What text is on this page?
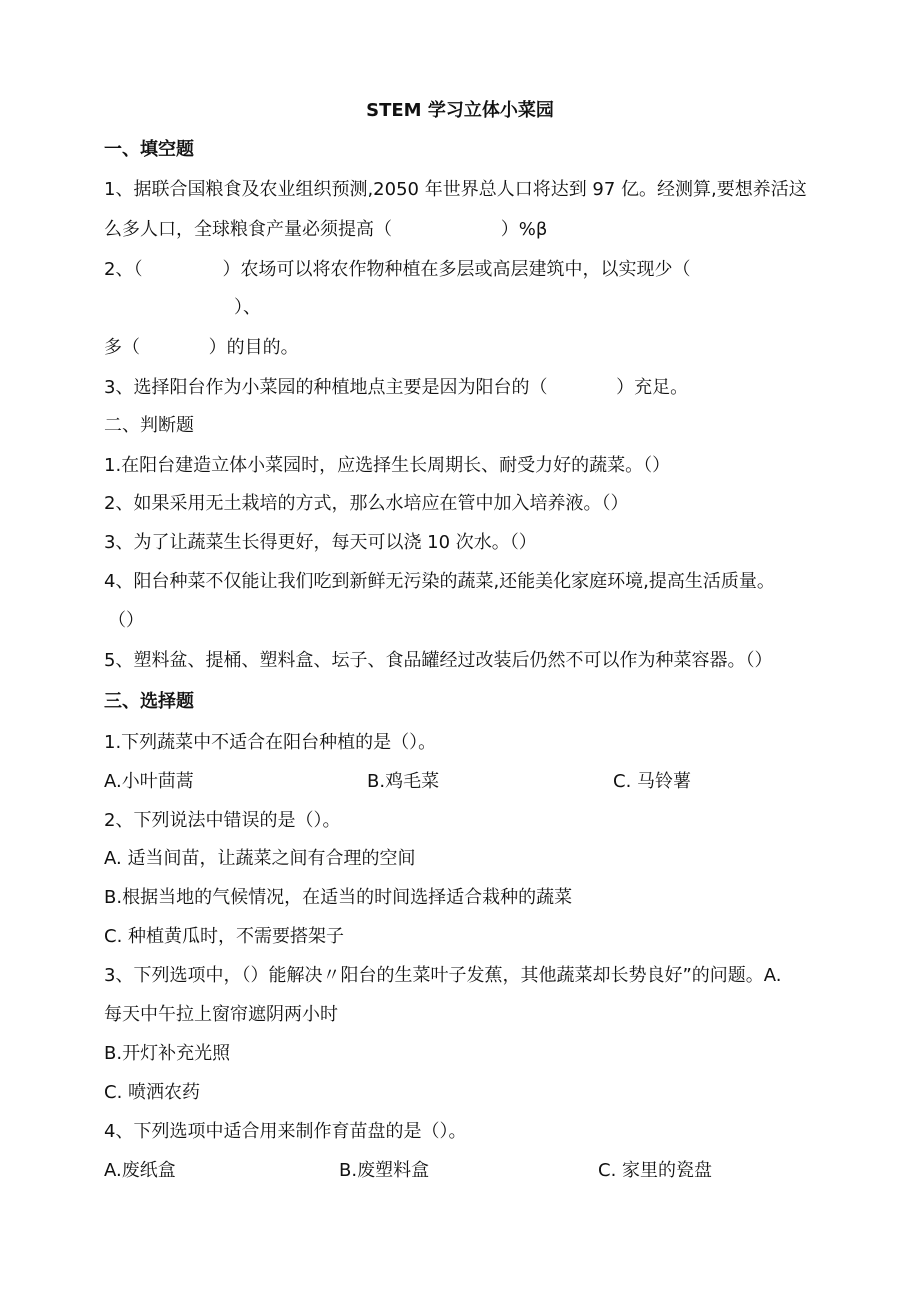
STEM 学习立体小菜园
一、填空题
1、据联合国粮食及农业组织预测,2050 年世界总人口将达到 97 亿。经测算,要想养活这
么多人口，全球粮食产量必须提高（                   ）%β
2、（              ）农场可以将农作物种植在多层或高层建筑中，以实现少（
）、
多（            ）的目的。
3、选择阳台作为小菜园的种植地点主要是因为阳台的（            ）充足。
二、判断题
1.在阳台建造立体小菜园时，应选择生长周期长、耐受力好的蔬菜。（）
2、如果采用无土栽培的方式，那么水培应在管中加入培养液。（）
3、为了让蔬菜生长得更好，每天可以浇 10 次水。（）
4、阳台种菜不仅能让我们吃到新鲜无污染的蔬菜,还能美化家庭环境,提高生活质量。
（）
5、塑料盆、提桶、塑料盒、坛子、食品罐经过改装后仍然不可以作为种菜容器。（）
三、选择题
1.下列蔬菜中不适合在阳台种植的是（）。
A.小叶茴蒿	B.鸡毛菜	C. 马铃薯
2、下列说法中错误的是（）。
A. 适当间苗，让蔬菜之间有合理的空间
B.根据当地的气候情况，在适当的时间选择适合栽种的蔬菜
C. 种植黄瓜时，不需要搭架子
3、下列选项中，（）能解决〃阳台的生菜叶子发蕉，其他蔬菜却长势良好”的问题。A.
每天中午拉上窗帘遮阴两小时
B.开灯补充光照
C. 喷洒农药
4、下列选项中适合用来制作育苗盘的是（）。
A.废纸盒	B.废塑料盒	C. 家里的瓷盘
